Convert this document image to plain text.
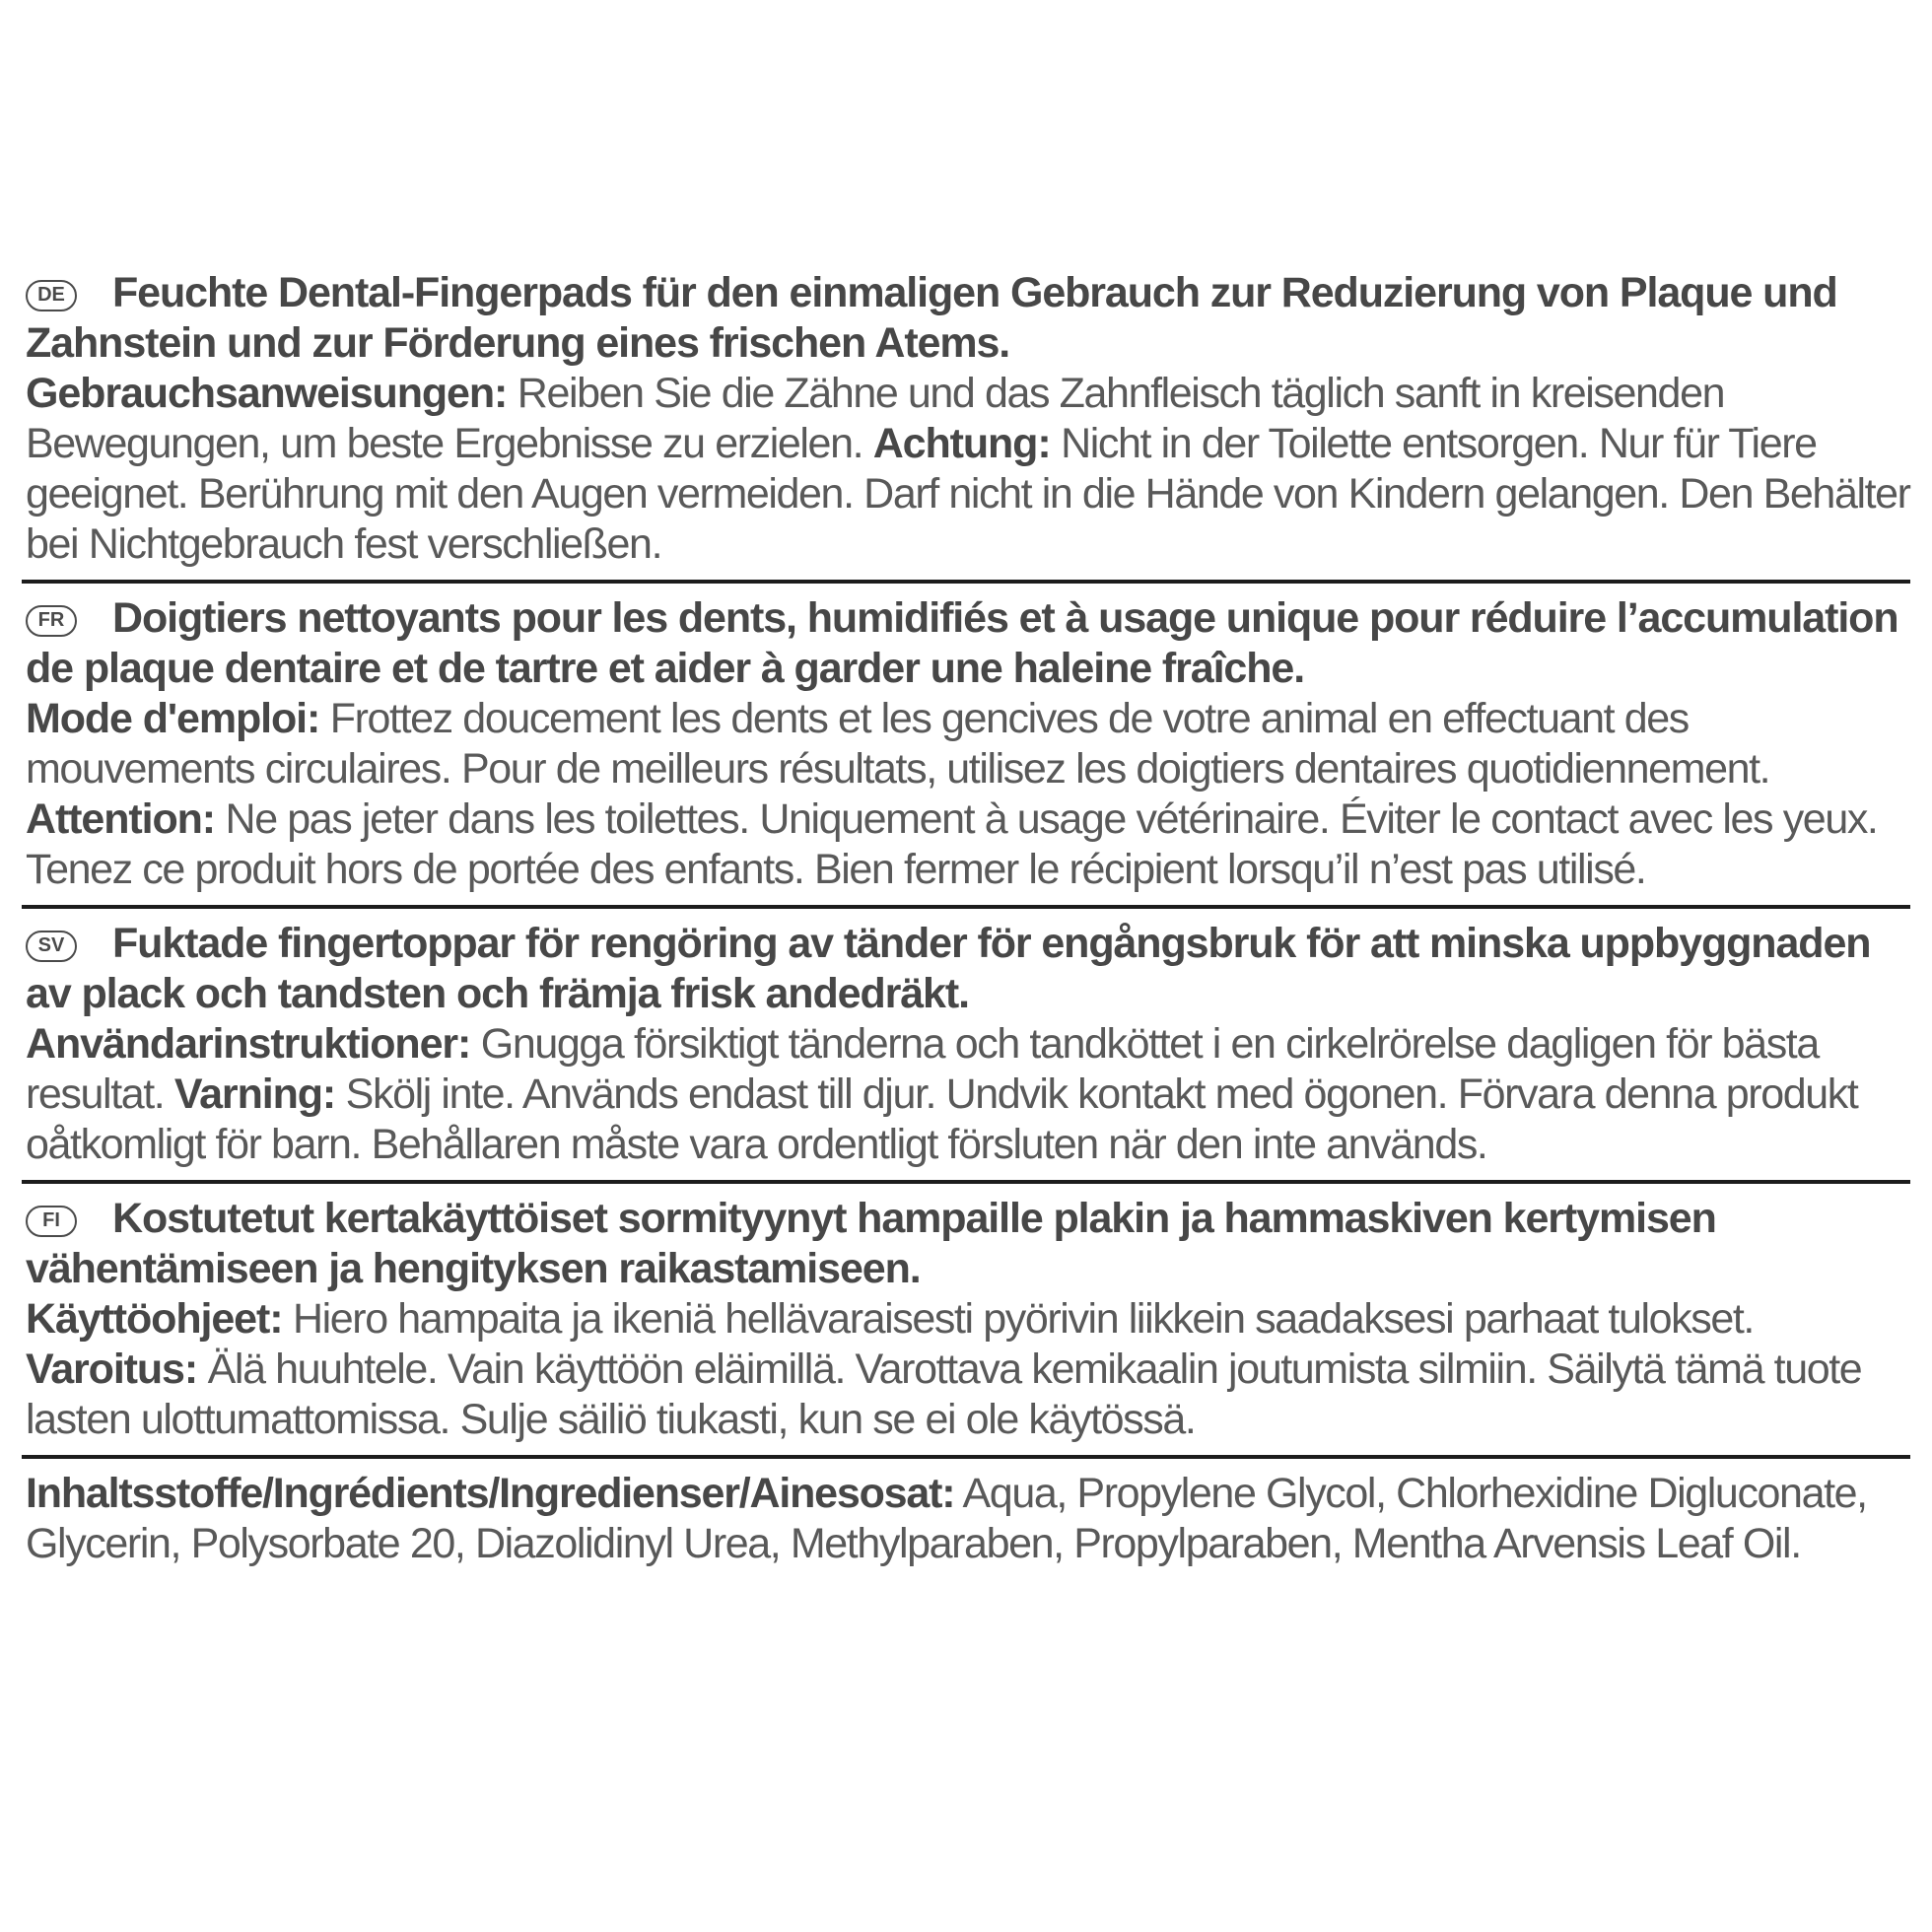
DE Feuchte Dental-Fingerpads für den einmaligen Gebrauch zur Reduzierung von Plaque und Zahnstein und zur Förderung eines frischen Atems.

Gebrauchsanweisungen: Reiben Sie die Zähne und das Zahnfleisch täglich sanft in kreisenden Bewegungen, um beste Ergebnisse zu erzielen. Achtung: Nicht in der Toilette entsorgen. Nur für Tiere geeignet. Berührung mit den Augen vermeiden. Darf nicht in die Hände von Kindern gelangen. Den Behälter bei Nichtgebrauch fest verschließen.

FR Doigtiers nettoyants pour les dents, humidifiés et à usage unique pour réduire l’accumulation de plaque dentaire et de tartre et aider à garder une haleine fraîche.

Mode d'emploi: Frottez doucement les dents et les gencives de votre animal en effectuant des mouvements circulaires. Pour de meilleurs résultats, utilisez les doigtiers dentaires quotidiennement. Attention: Ne pas jeter dans les toilettes. Uniquement à usage vétérinaire. Éviter le contact avec les yeux. Tenez ce produit hors de portée des enfants. Bien fermer le récipient lorsqu’il n’est pas utilisé.

SV Fuktade fingertoppar för rengöring av tänder för engångsbruk för att minska uppbyggnaden av plack och tandsten och främja frisk andedräkt.

Användarinstruktioner: Gnugga försiktigt tänderna och tandköttet i en cirkelrörelse dagligen för bästa resultat. Varning: Skölj inte. Används endast till djur. Undvik kontakt med ögonen. Förvara denna produkt oåtkomligt för barn. Behållaren måste vara ordentligt försluten när den inte används.

FI Kostutetut kertakäyttöiset sormityynyt hampaille plakin ja hammaskiven kertymisen vähentämiseen ja hengityksen raikastamiseen.

Käyttöohjeet: Hiero hampaita ja ikeniä hellävaraisesti pyörivin liikkein saadaksesi parhaat tulokset. Varoitus: Älä huuhtele. Vain käyttöön eläimillä. Varottava kemikaalin joutumista silmiin. Säilytä tämä tuote lasten ulottumattomissa. Sulje säiliö tiukasti, kun se ei ole käytössä.

Inhaltsstoffe/Ingrédients/Ingredienser/Ainesosat: Aqua, Propylene Glycol, Chlorhexidine Digluconate, Glycerin, Polysorbate 20, Diazolidinyl Urea, Methylparaben, Propylparaben, Mentha Arvensis Leaf Oil.
